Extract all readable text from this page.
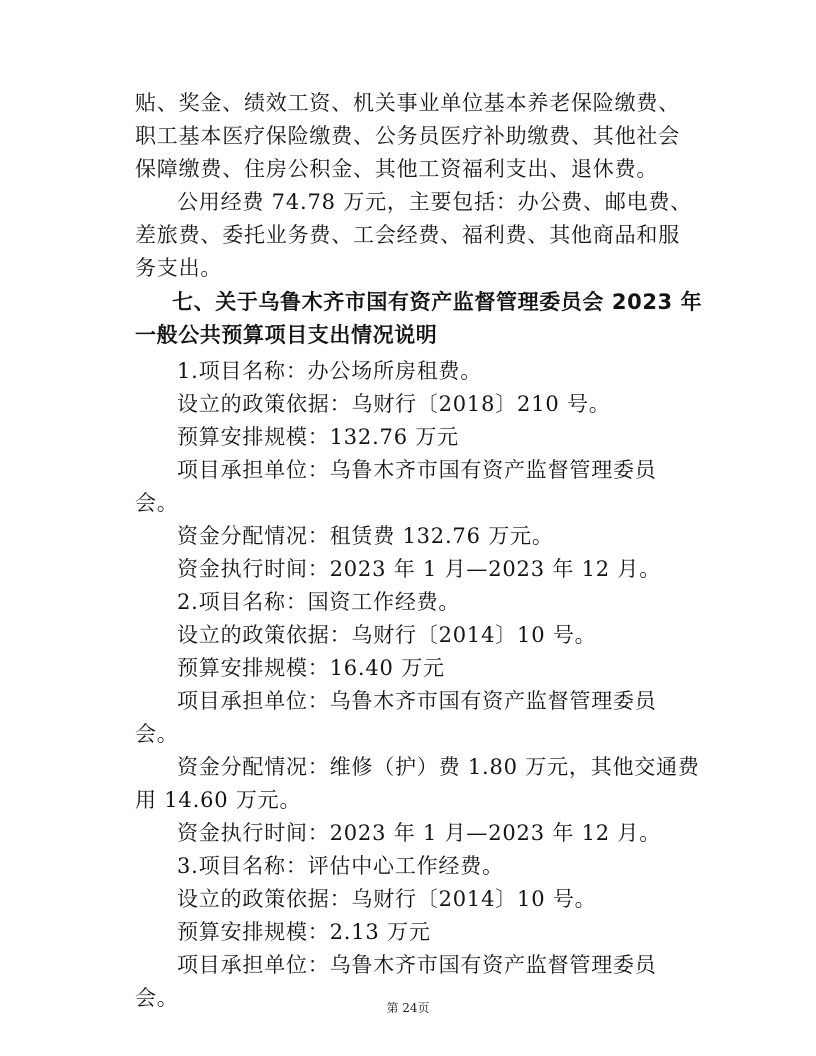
贴、奖金、绩效工资、机关事业单位基本养老保险缴费、
职工基本医疗保险缴费、公务员医疗补助缴费、其他社会
保障缴费、住房公积金、其他工资福利支出、退休费。
公用经费 74.78 万元，主要包括：办公费、邮电费、
差旅费、委托业务费、工会经费、福利费、其他商品和服
务支出。
七、关于乌鲁木齐市国有资产监督管理委员会 2023 年
一般公共预算项目支出情况说明
1.项目名称：办公场所房租费。
设立的政策依据：乌财行〔2018〕210 号。
预算安排规模：132.76 万元
项目承担单位：乌鲁木齐市国有资产监督管理委员
会。
资金分配情况：租赁费 132.76 万元。
资金执行时间：2023 年 1 月—2023 年 12 月。
2.项目名称：国资工作经费。
设立的政策依据：乌财行〔2014〕10 号。
预算安排规模：16.40 万元
项目承担单位：乌鲁木齐市国有资产监督管理委员
会。
资金分配情况：维修（护）费 1.80 万元，其他交通费
用 14.60 万元。
资金执行时间：2023 年 1 月—2023 年 12 月。
3.项目名称：评估中心工作经费。
设立的政策依据：乌财行〔2014〕10 号。
预算安排规模：2.13 万元
项目承担单位：乌鲁木齐市国有资产监督管理委员
会。	第 24页
